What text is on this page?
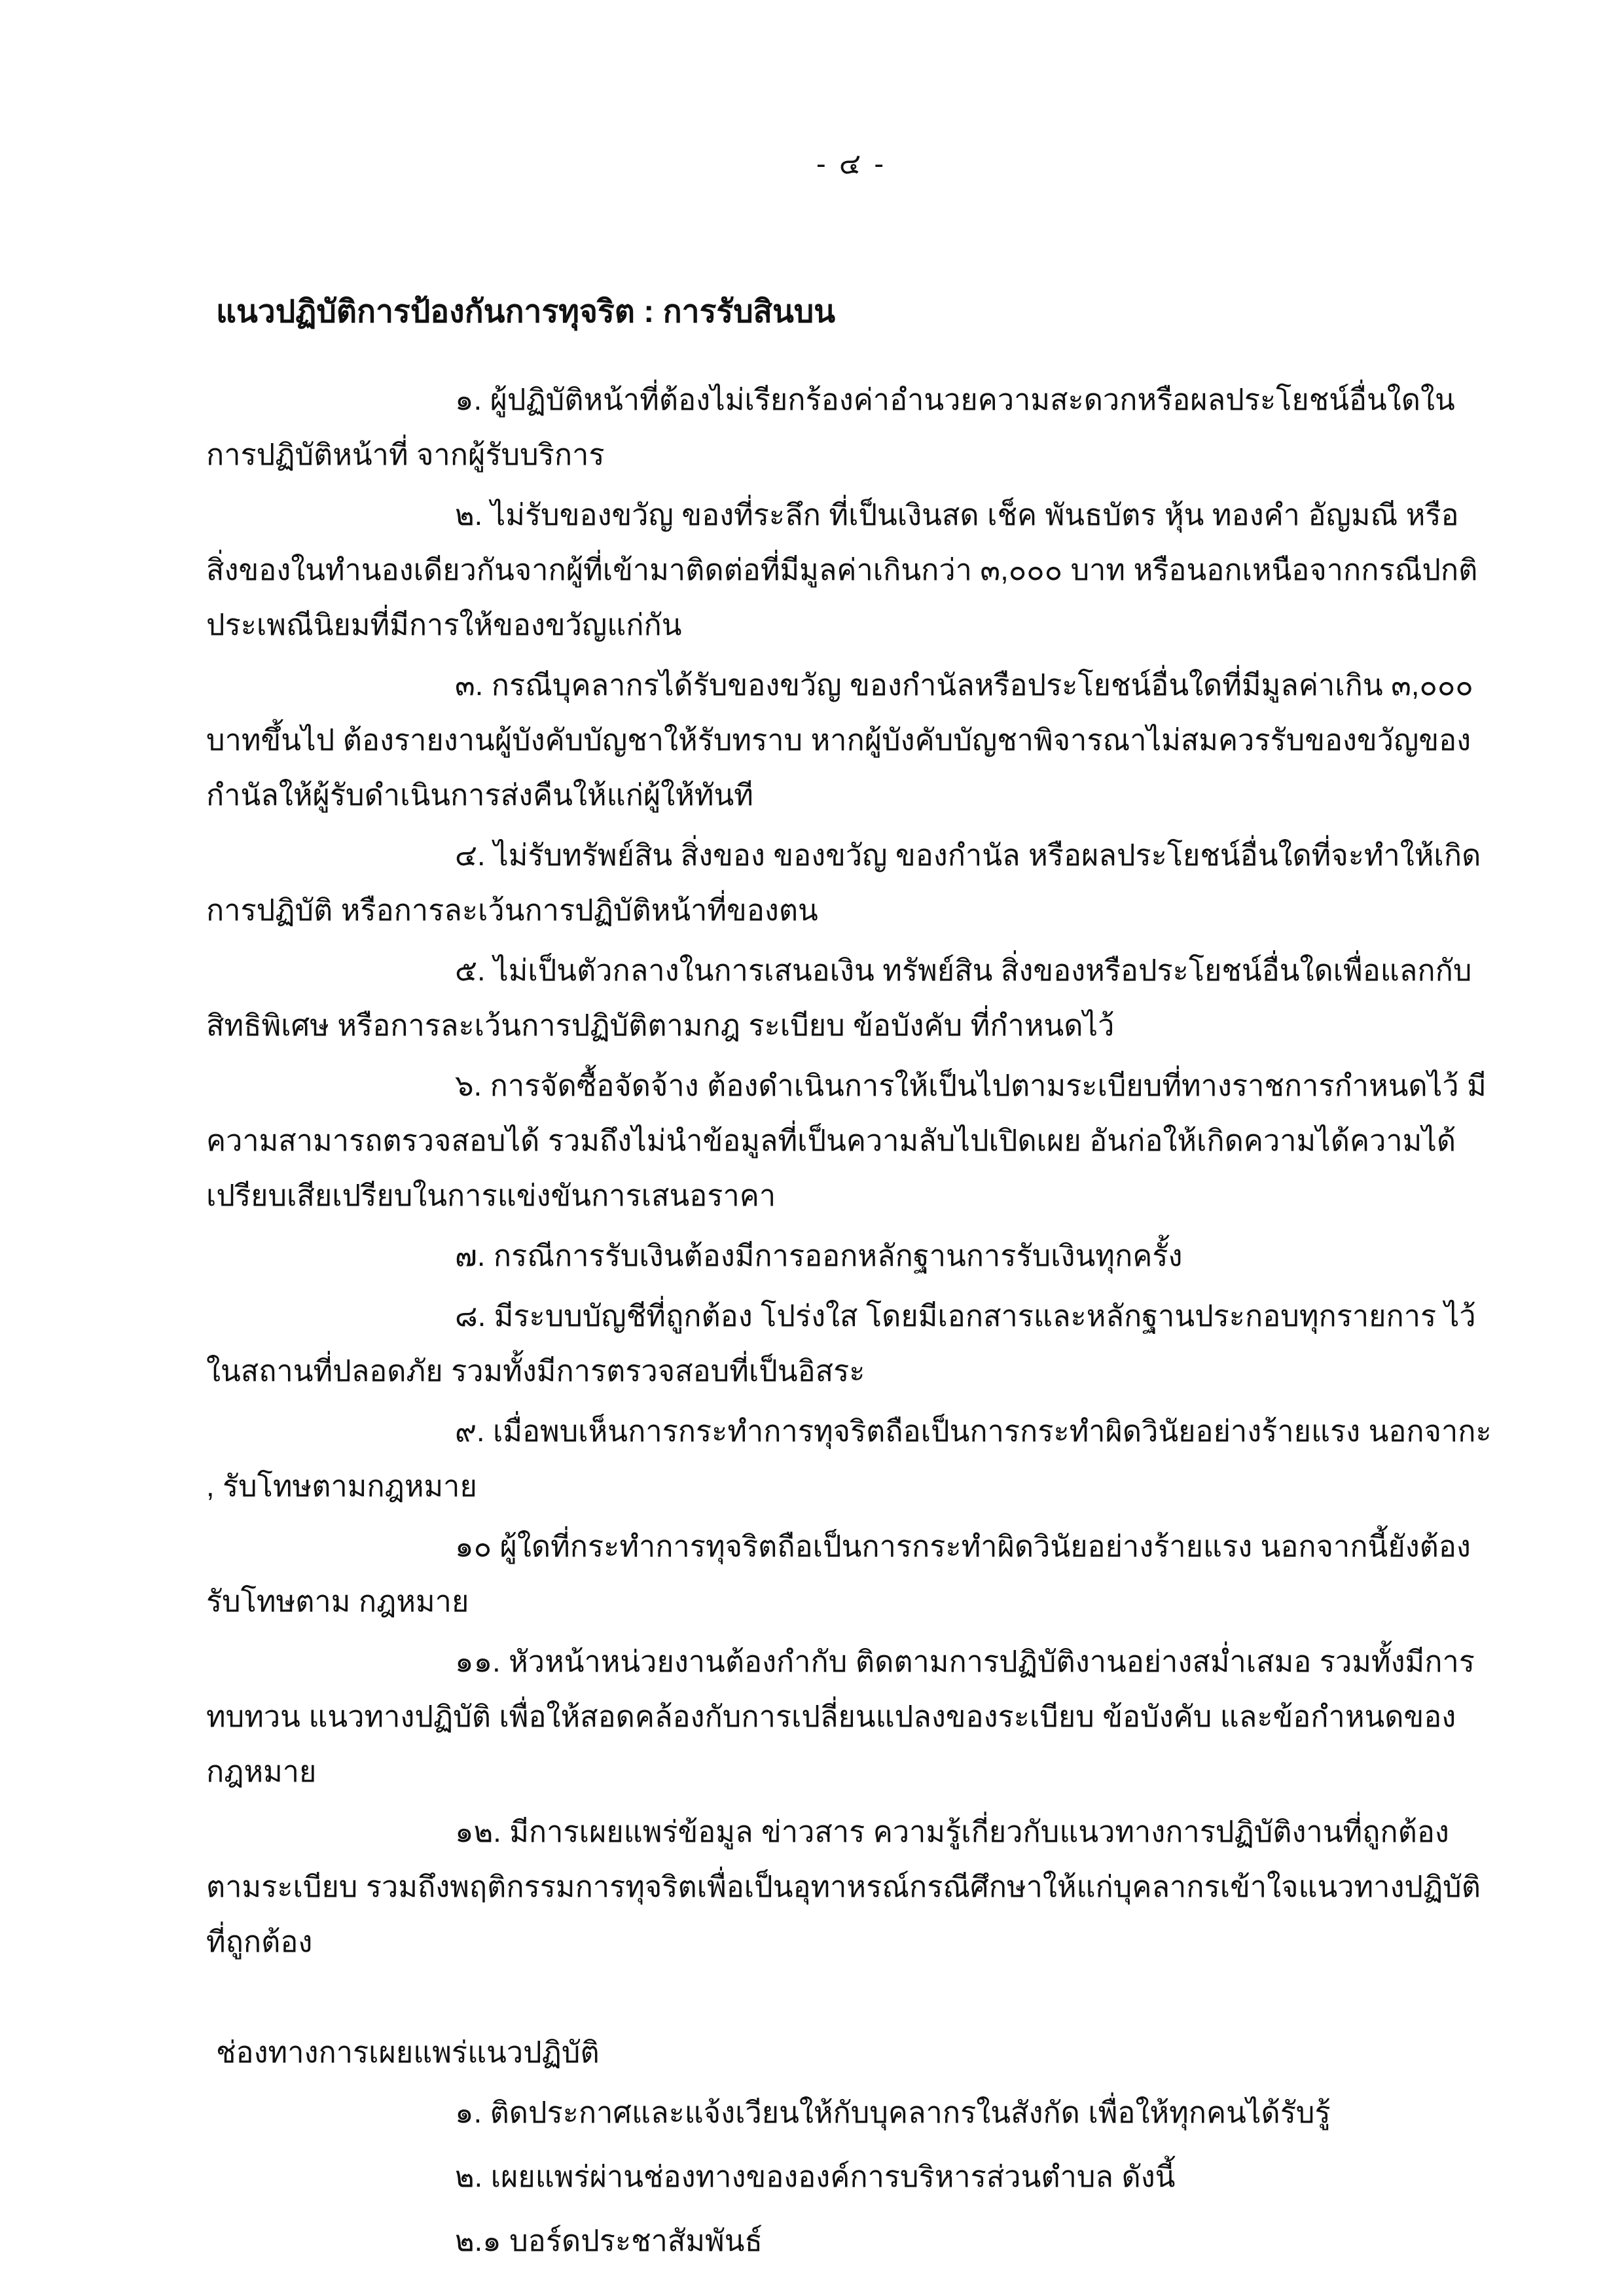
- ๔ -
แนวปฏิบัติการป้องกันการทุจริต : การรับสินบน

๑. ผู้ปฏิบัติหน้าที่ต้องไม่เรียกร้องค่าอำนวยความสะดวกหรือผลประโยชน์อื่นใดในการปฏิบัติหน้าที่ จากผู้รับบริการ

๒. ไม่รับของขวัญ ของที่ระลึก ที่เป็นเงินสด เช็ค พันธบัตร หุ้น ทองคำ อัญมณี หรือสิ่งของในทำนองเดียวกันจากผู้ที่เข้ามาติดต่อที่มีมูลค่าเกินกว่า ๓,๐๐๐ บาท หรือนอกเหนือจากกรณีปกติประเพณีนิยมที่มีการให้ของขวัญแก่กัน

๓. กรณีบุคลากรได้รับของขวัญ ของกำนัลหรือประโยชน์อื่นใดที่มีมูลค่าเกิน ๓,๐๐๐ บาทขึ้นไป ต้องรายงานผู้บังคับบัญชาให้รับทราบ หากผู้บังคับบัญชาพิจารณาไม่สมควรรับของขวัญของกำนัลให้ผู้รับดำเนินการส่งคืนให้แก่ผู้ให้ทันที

๔. ไม่รับทรัพย์สิน สิ่งของ ของขวัญ ของกำนัล หรือผลประโยชน์อื่นใดที่จะทำให้เกิดการปฏิบัติ หรือการละเว้นการปฏิบัติหน้าที่ของตน

๕. ไม่เป็นตัวกลางในการเสนอเงิน ทรัพย์สิน สิ่งของหรือประโยชน์อื่นใดเพื่อแลกกับสิทธิพิเศษ หรือการละเว้นการปฏิบัติตามกฎ ระเบียบ ข้อบังคับ ที่กำหนดไว้

๖. การจัดซื้อจัดจ้าง ต้องดำเนินการให้เป็นไปตามระเบียบที่ทางราชการกำหนดไว้ มีความสามารถตรวจสอบได้ รวมถึงไม่นำข้อมูลที่เป็นความลับไปเปิดเผย อันก่อให้เกิดความได้ความได้เปรียบเสียเปรียบในการแข่งขันการเสนอราคา

๗. กรณีการรับเงินต้องมีการออกหลักฐานการรับเงินทุกครั้ง

๘. มีระบบบัญชีที่ถูกต้อง โปร่งใส โดยมีเอกสารและหลักฐานประกอบทุกรายการ ไว้ในสถานที่ปลอดภัย รวมทั้งมีการตรวจสอบที่เป็นอิสระ

๙. เมื่อพบเห็นการกระทำการทุจริตถือเป็นการกระทำผิดวินัยอย่างร้ายแรง นอกจากะ , รับโทษตามกฎหมาย

๑๐ ผู้ใดที่กระทำการทุจริตถือเป็นการกระทำผิดวินัยอย่างร้ายแรง นอกจากนี้ยังต้องรับโทษตาม กฎหมาย

๑๑. หัวหน้าหน่วยงานต้องกำกับ ติดตามการปฏิบัติงานอย่างสม่ำเสมอ รวมทั้งมีการทบทวน แนวทางปฏิบัติ เพื่อให้สอดคล้องกับการเปลี่ยนแปลงของระเบียบ ข้อบังคับ และข้อกำหนดของกฎหมาย

๑๒. มีการเผยแพร่ข้อมูล ข่าวสาร ความรู้เกี่ยวกับแนวทางการปฏิบัติงานที่ถูกต้องตามระเบียบ รวมถึงพฤติกรรมการทุจริตเพื่อเป็นอุทาหรณ์กรณีศึกษาให้แก่บุคลากรเข้าใจแนวทางปฏิบัติที่ถูกต้อง

ช่องทางการเผยแพร่แนวปฏิบัติ

๑. ติดประกาศและแจ้งเวียนให้กับบุคลากรในสังกัด เพื่อให้ทุกคนได้รับรู้

๒. เผยแพร่ผ่านช่องทางขององค์การบริหารส่วนตำบล ดังนี้

๒.๑ บอร์ดประชาสัมพันธ์
